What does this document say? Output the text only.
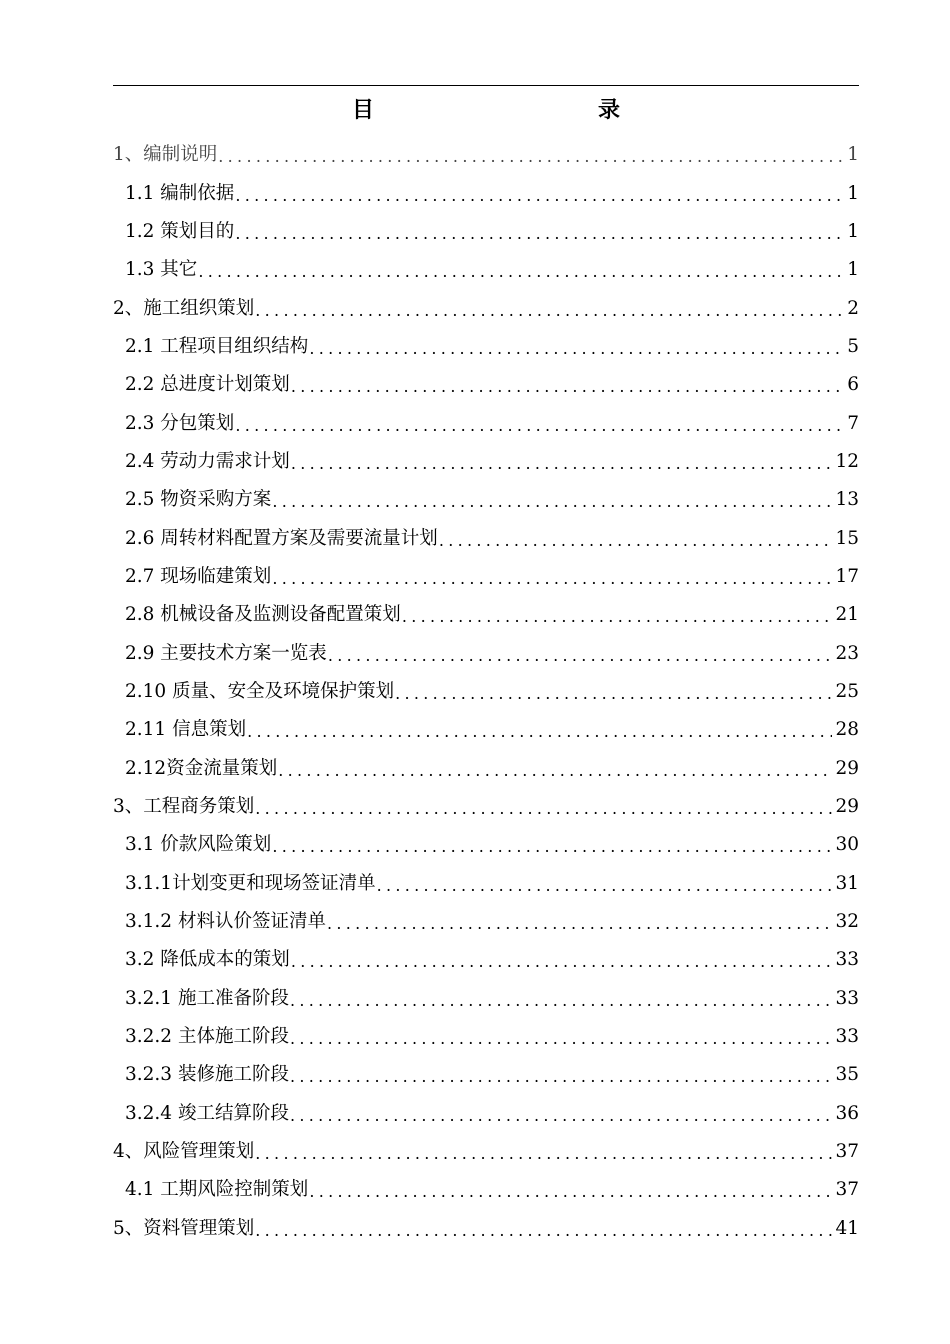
目　　录
1、编制说明 .....	1
1.1 编制依据 .....	1
1.2 策划目的 .....	1
1.3 其它 .....	1
2、施工组织策划 .....	2
2.1 工程项目组织结构 .....	5
2.2 总进度计划策划 .....	6
2.3 分包策划 .....	7
2.4 劳动力需求计划 .....	12
2.5 物资采购方案 .....	13
2.6 周转材料配置方案及需要流量计划 .....	15
2.7 现场临建策划 .....	17
2.8 机械设备及监测设备配置策划 .....	21
2.9 主要技术方案一览表 .....	23
2.10 质量、安全及环境保护策划 .....	25
2.11 信息策划 .....	28
2.12资金流量策划 .....	29
3、工程商务策划 .....	29
3.1 价款风险策划 .....	30
3.1.1计划变更和现场签证清单 .....	31
3.1.2 材料认价签证清单 .....	32
3.2 降低成本的策划 .....	33
3.2.1 施工准备阶段 .....	33
3.2.2 主体施工阶段 .....	33
3.2.3 装修施工阶段 .....	35
3.2.4 竣工结算阶段 .....	36
4、风险管理策划 .....	37
4.1 工期风险控制策划 .....	37
5、资料管理策划 .....	41
